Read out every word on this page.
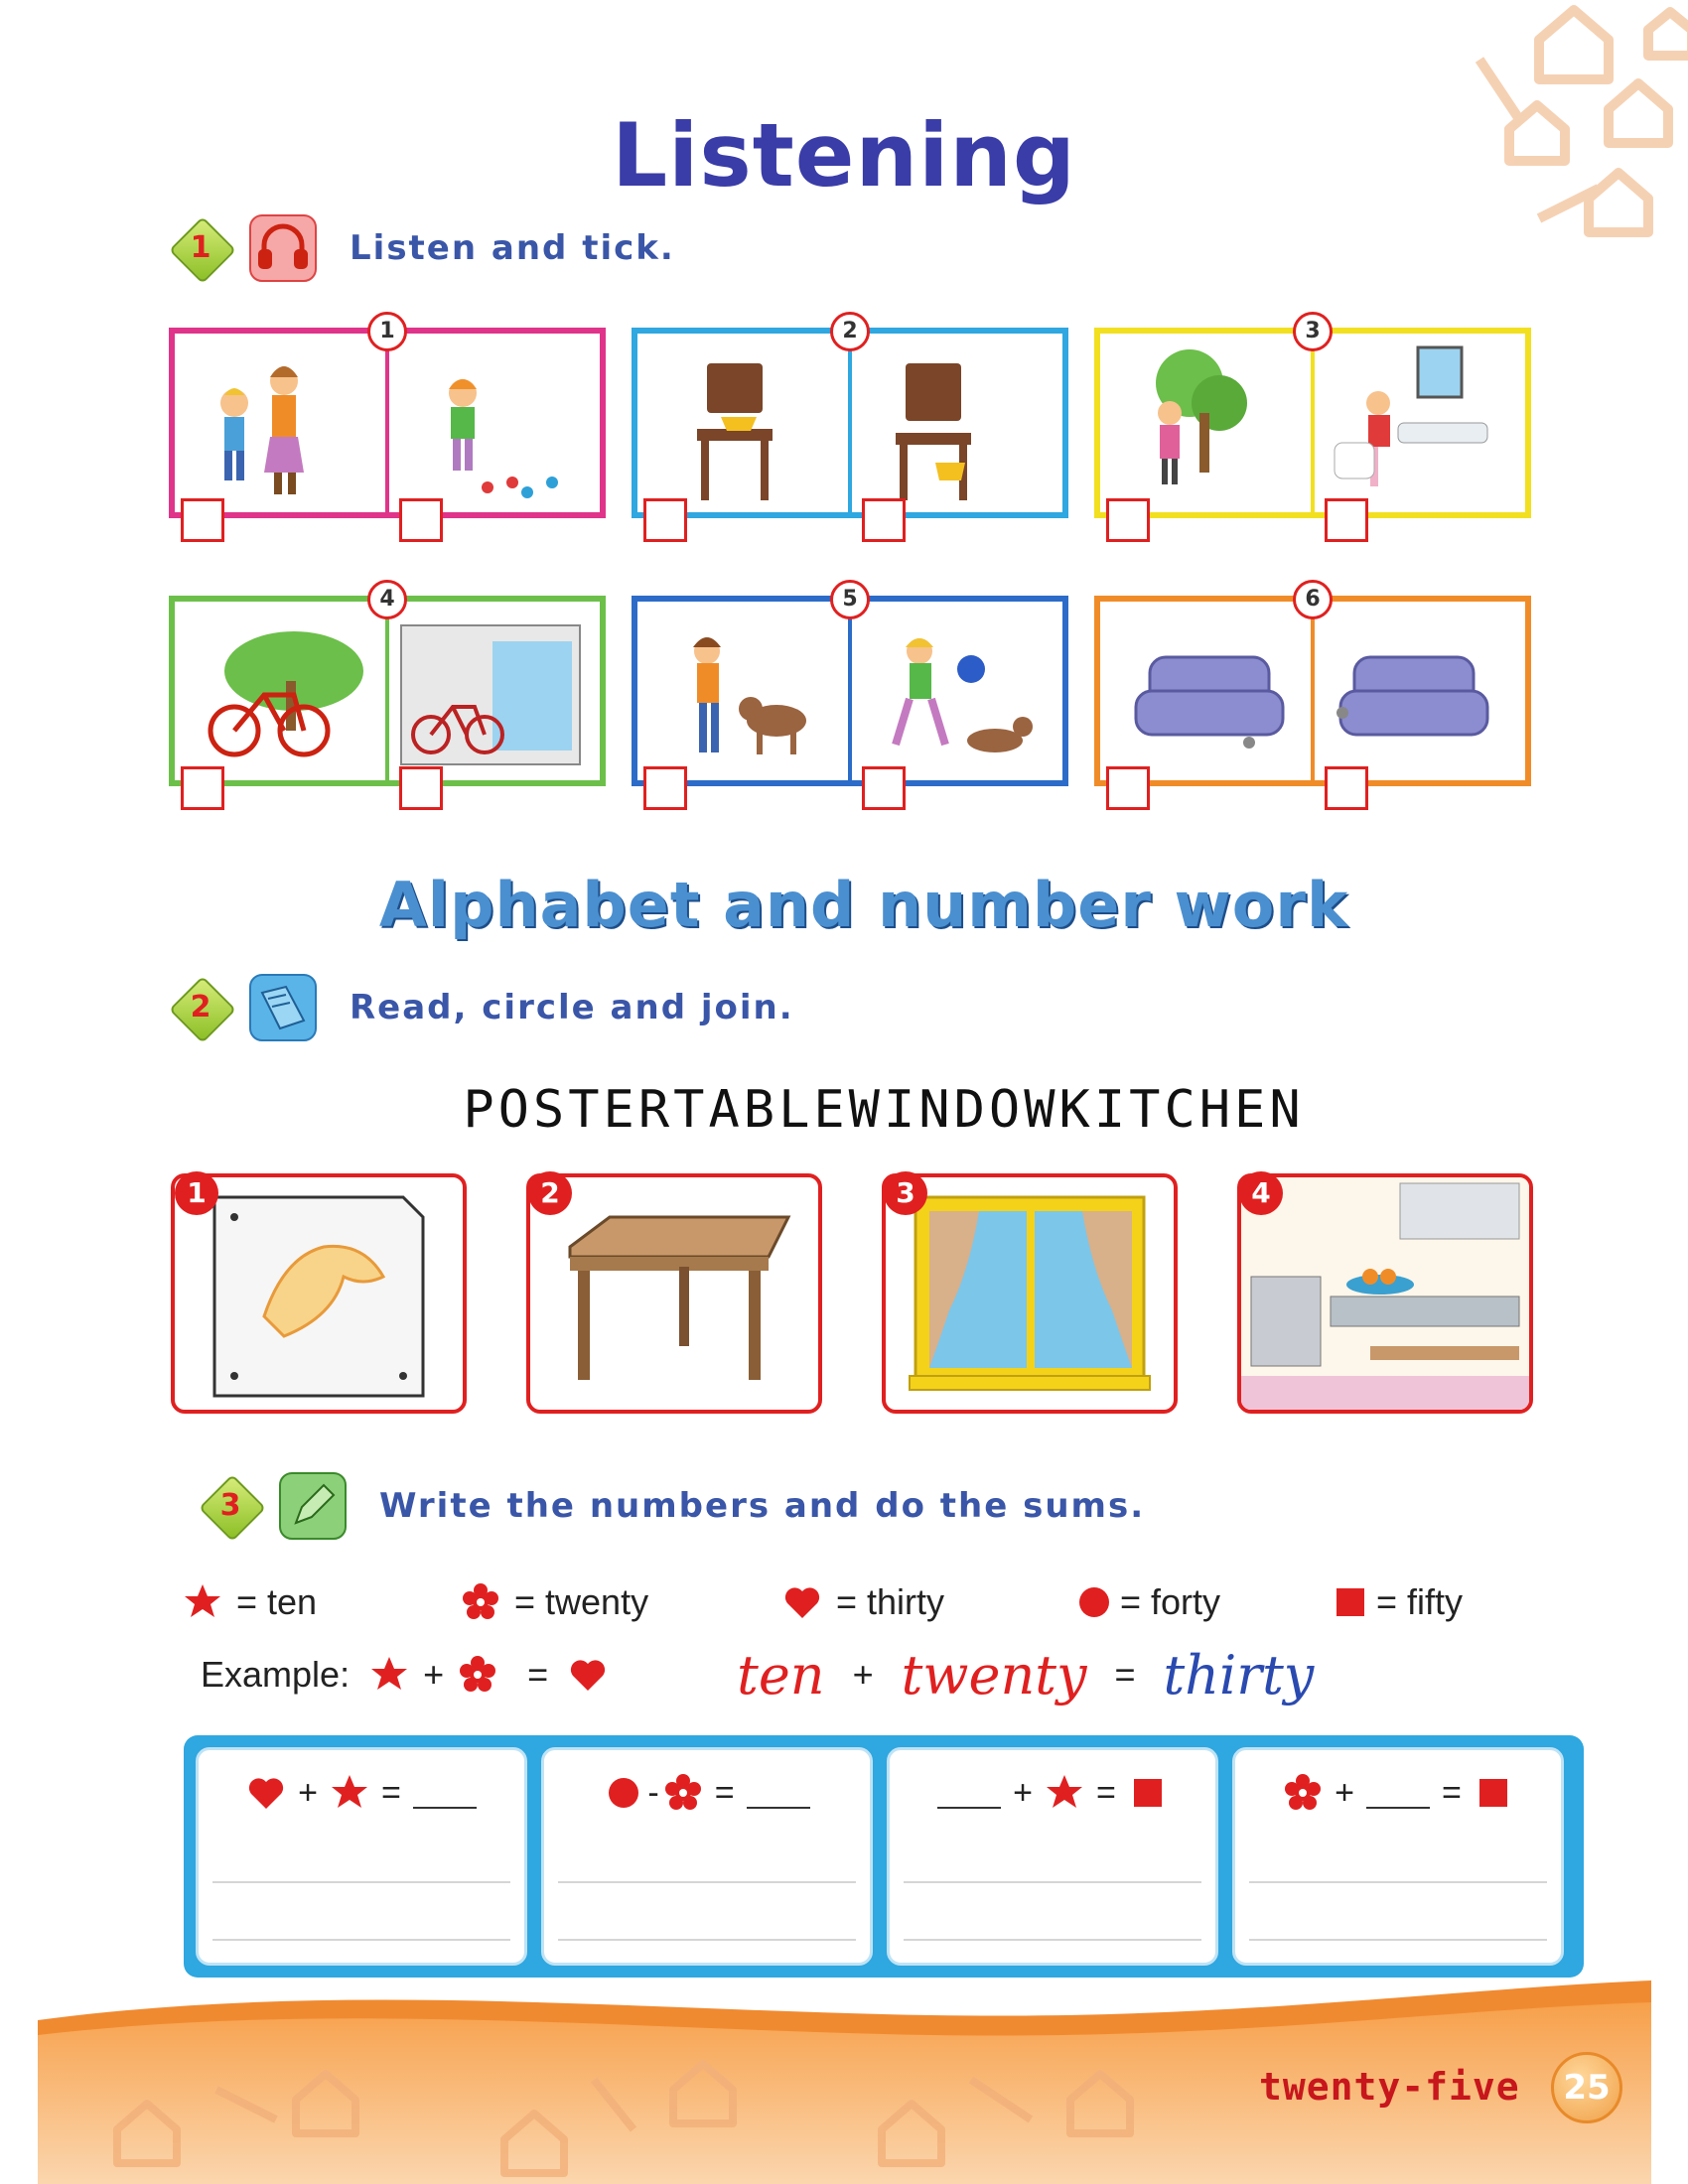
Listening
1	Listen and tick.
1	2	3
4	5	6
Alphabet and number work
2	Read, circle and join.
POSTERTABLEWINDOWKITCHEN
1	2	3	4
3	Write the numbers and do the sums.
= ten	= twenty	= thirty	= forty	= fifty
Example: + =	ten + twenty = thirty
+ =	- =	+ =	+	=
twenty-five	25
